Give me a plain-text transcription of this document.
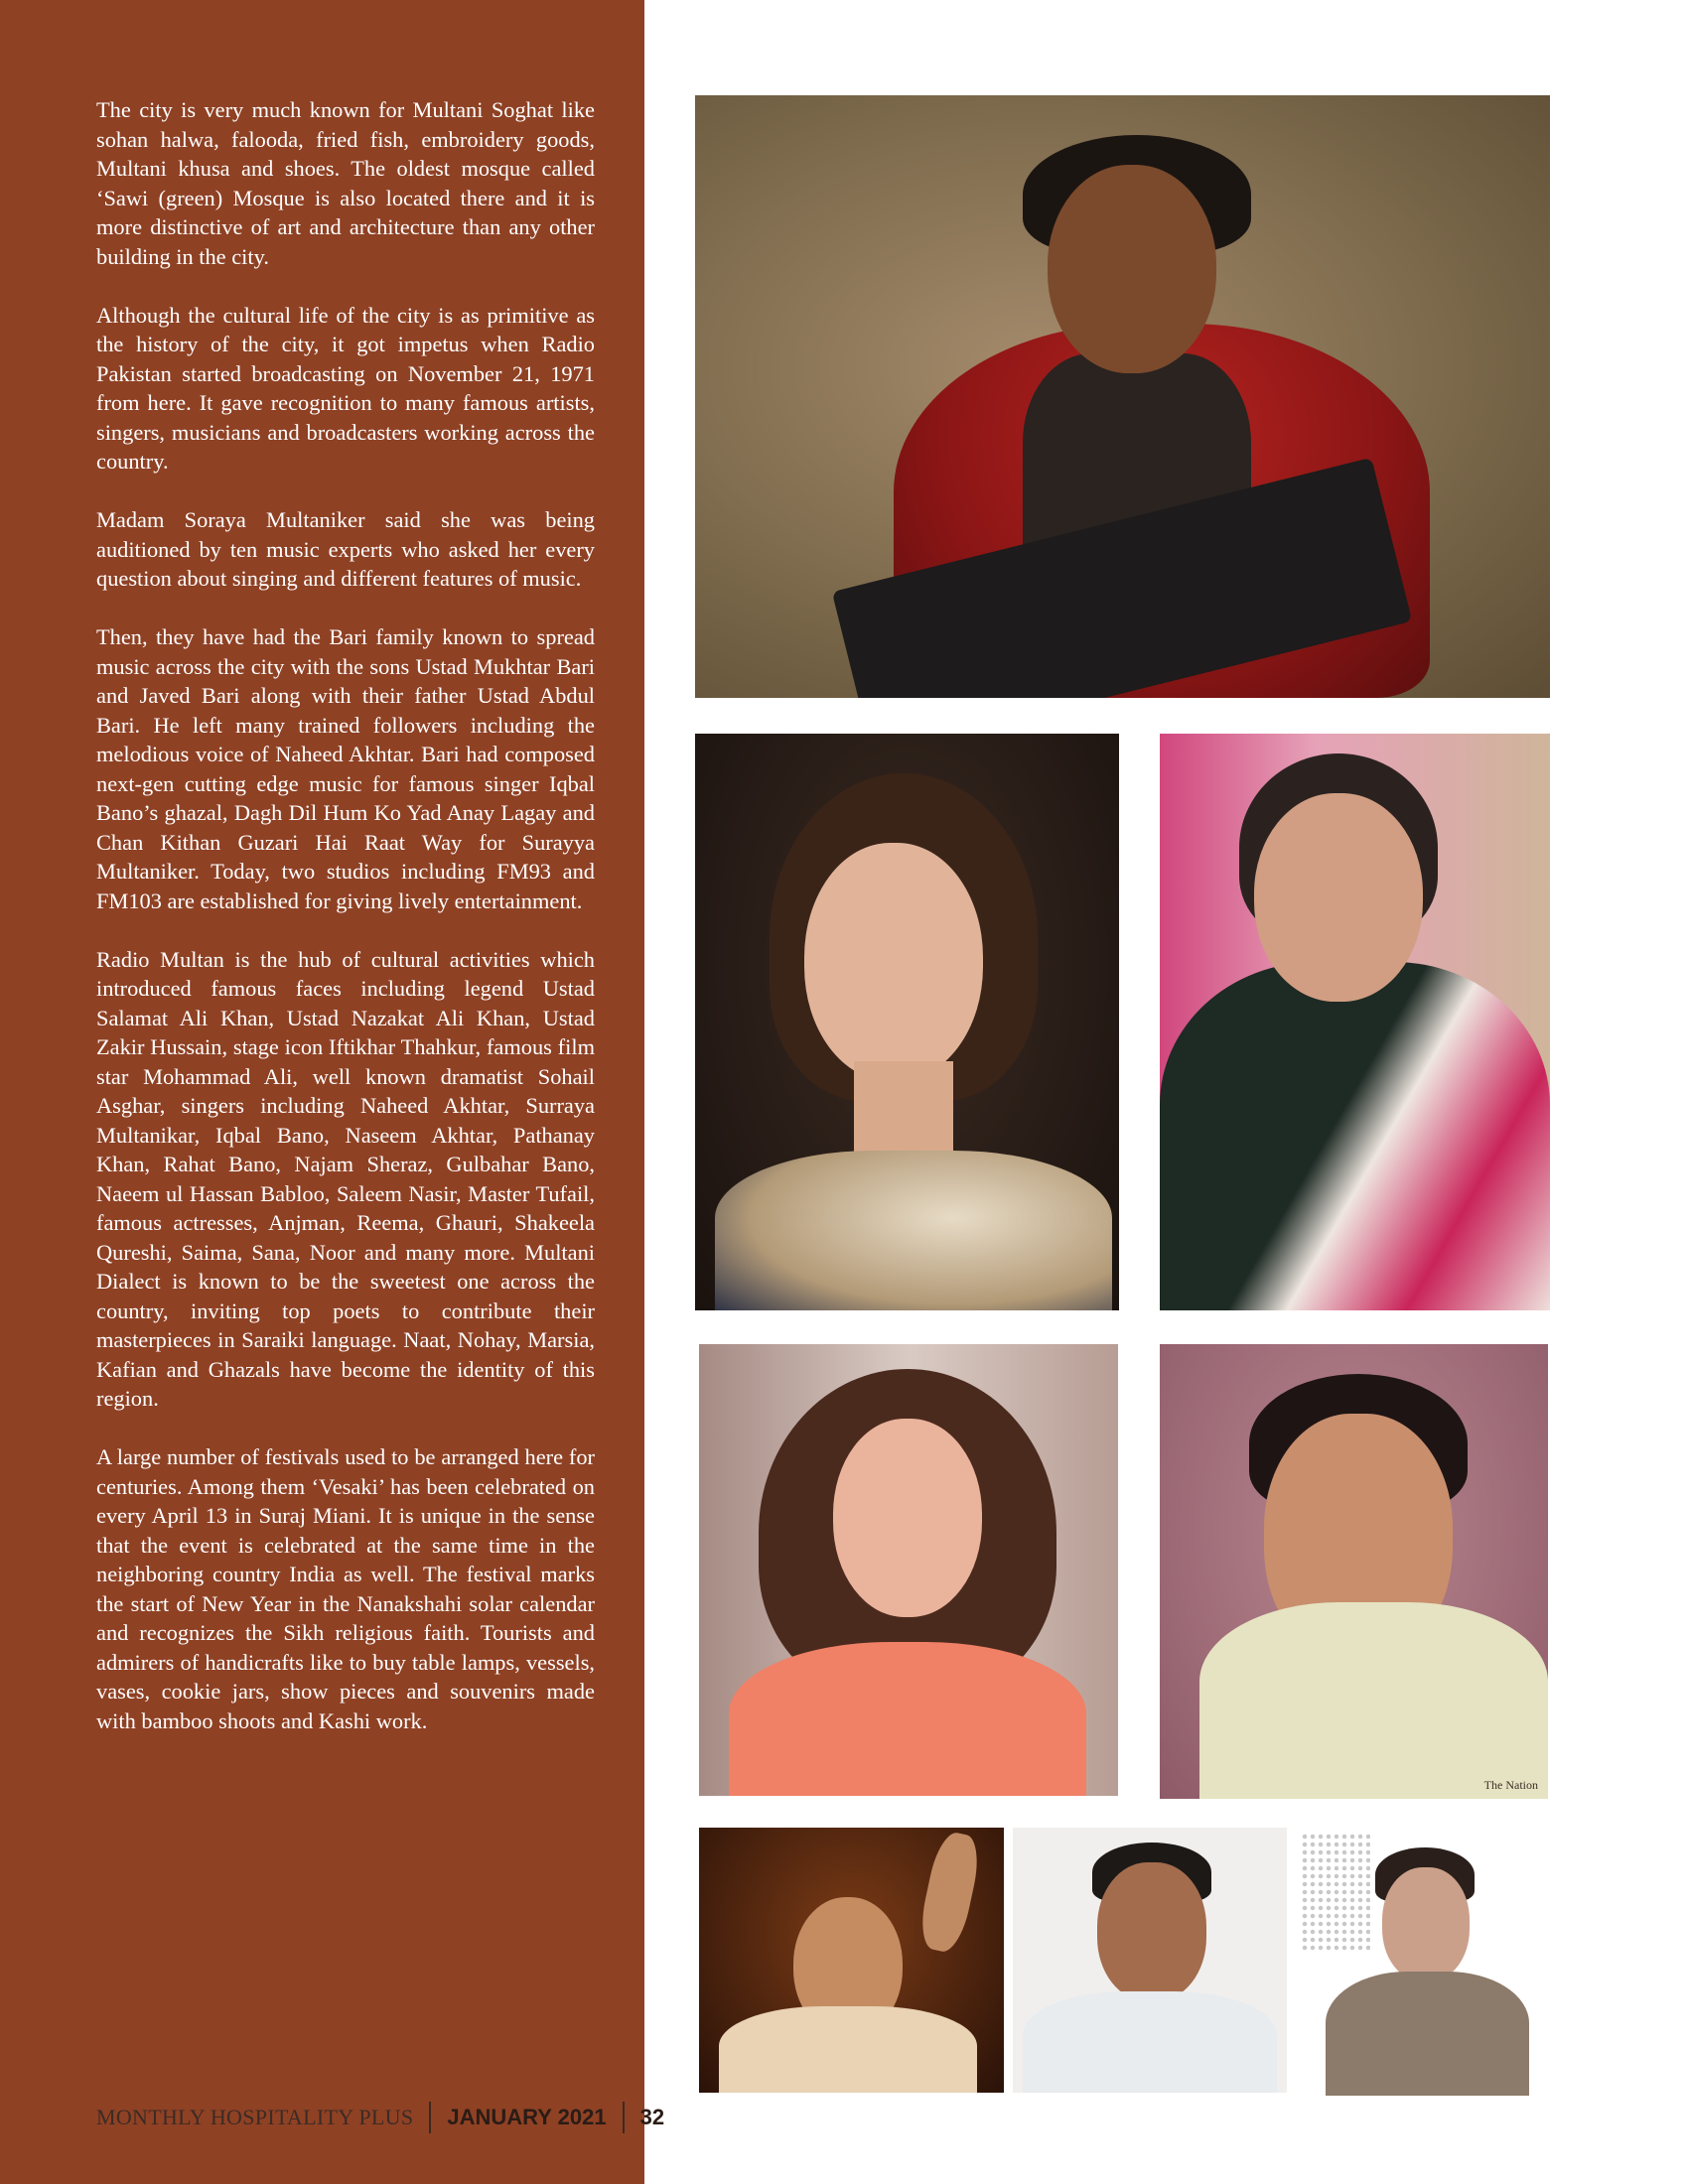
The city is very much known for Multani Soghat like sohan halwa, falooda, fried fish, embroidery goods, Multani khusa and shoes. The oldest mosque called ‘Sawi (green) Mosque is also located there and it is more distinctive of art and architecture than any other building in the city.

Although the cultural life of the city is as primitive as the history of the city, it got impetus when Radio Pakistan started broadcasting on November 21, 1971 from here. It gave recognition to many famous artists, singers, musicians and broadcasters working across the country.

Madam Soraya Multaniker said she was being auditioned by ten music experts who asked her every question about singing and different features of music.

Then, they have had the Bari family known to spread music across the city with the sons Ustad Mukhtar Bari and Javed Bari along with their father Ustad Abdul Bari. He left many trained followers including the melodious voice of Naheed Akhtar. Bari had composed next-gen cutting edge music for famous singer Iqbal Bano’s ghazal, Dagh Dil Hum Ko Yad Anay Lagay and Chan Kithan Guzari Hai Raat Way for Surayya Multaniker. Today, two studios including FM93 and FM103 are established for giving lively entertainment.

Radio Multan is the hub of cultural activities which introduced famous faces including legend Ustad Salamat Ali Khan, Ustad Nazakat Ali Khan, Ustad Zakir Hussain, stage icon Iftikhar Thahkur, famous film star Mohammad Ali, well known dramatist Sohail Asghar, singers including Naheed Akhtar, Surraya Multanikar, Iqbal Bano, Naseem Akhtar, Pathanay Khan, Rahat Bano, Najam Sheraz, Gulbahar Bano, Naeem ul Hassan Babloo, Saleem Nasir, Master Tufail, famous actresses, Anjman, Reema, Ghauri, Shakeela Qureshi, Saima, Sana, Noor and many more. Multani Dialect is known to be the sweetest one across the country, inviting top poets to contribute their masterpieces in Saraiki language. Naat, Nohay, Marsia, Kafian and Ghazals have become the identity of this region.

A large number of festivals used to be arranged here for centuries. Among them ‘Vesaki’ has been celebrated on every April 13 in Suraj Miani. It is unique in the sense that the event is celebrated at the same time in the neighboring country India as well. The festival marks the start of New Year in the Nanakshahi solar calendar and recognizes the Sikh religious faith. Tourists and admirers of handicrafts like to buy table lamps, vessels, vases, cookie jars, show pieces and souvenirs made with bamboo shoots and Kashi work.

The Nation
MONTHLY HOSPITALITY PLUS JANUARY 2021 32
